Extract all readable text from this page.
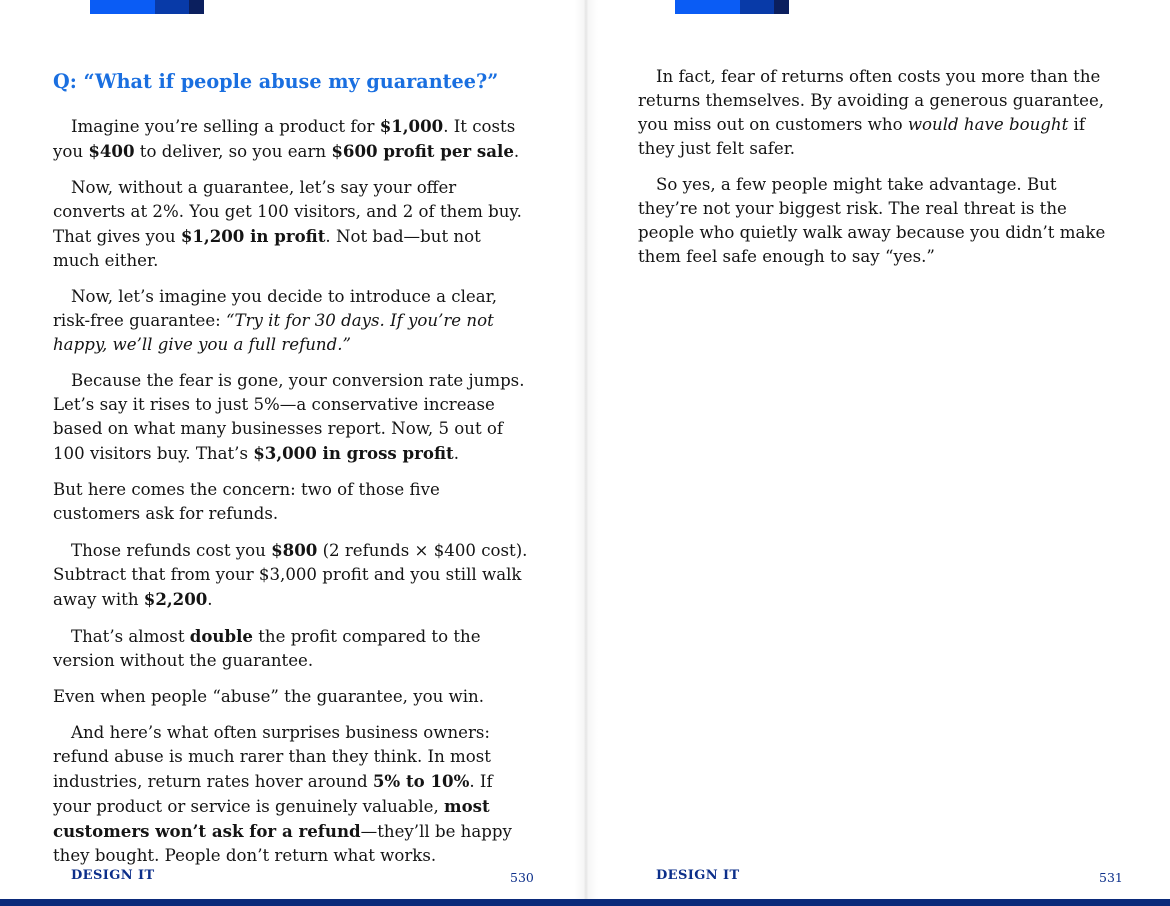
Q: “What if people abuse my guarantee?”

Imagine you’re selling a product for $1,000. It costs you $400 to deliver, so you earn $600 profit per sale.

Now, without a guarantee, let’s say your offer converts at 2%. You get 100 visitors, and 2 of them buy. That gives you $1,200 in profit. Not bad—but not much either.

Now, let’s imagine you decide to introduce a clear, risk-free guarantee: “Try it for 30 days. If you’re not happy, we’ll give you a full refund.”

Because the fear is gone, your conversion rate jumps. Let’s say it rises to just 5%—a conservative increase based on what many businesses report. Now, 5 out of 100 visitors buy. That’s $3,000 in gross profit.

But here comes the concern: two of those five customers ask for refunds.

Those refunds cost you $800 (2 refunds × $400 cost). Subtract that from your $3,000 profit and you still walk away with $2,200.

That’s almost double the profit compared to the version without the guarantee.

Even when people “abuse” the guarantee, you win.

And here’s what often surprises business owners: refund abuse is much rarer than they think. In most industries, return rates hover around 5% to 10%. If your product or service is genuinely valuable, most customers won’t ask for a refund—they’ll be happy they bought. People don’t return what works.

DESIGN IT	530

In fact, fear of returns often costs you more than the returns themselves. By avoiding a generous guarantee, you miss out on customers who would have bought if they just felt safer.

So yes, a few people might take advantage. But they’re not your biggest risk. The real threat is the people who quietly walk away because you didn’t make them feel safe enough to say “yes.”

DESIGN IT	531
